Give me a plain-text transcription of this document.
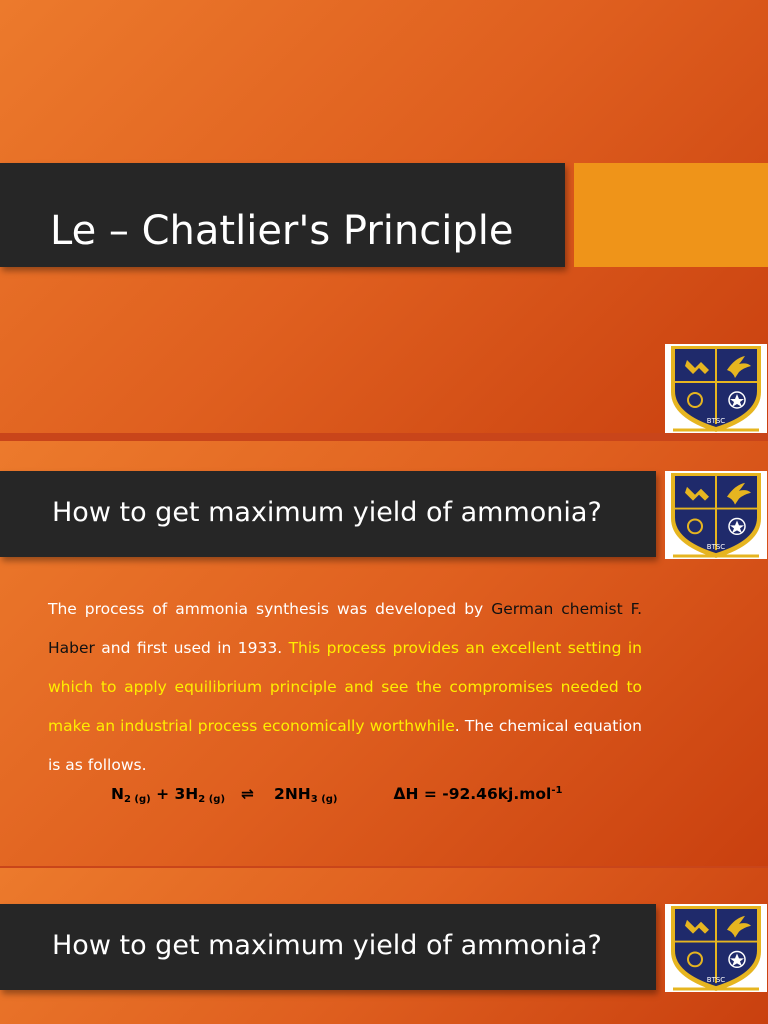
Le – Chatlier's Principle
BTSC
How to get maximum yield of ammonia?
BTSC
The process of ammonia synthesis was developed by German chemist F. Haber and first used in 1933. This process provides an excellent setting in which to apply equilibrium principle and see the compromises needed to make an industrial process economically worthwhile. The chemical equation is as follows.
$N_{2 (g)} + 3H_{2 (g)}$ ⇌ $2NH_{3 (g)}$	ΔH = -92.46kj.mol$^{-1}$
How to get maximum yield of ammonia?
BTSC
